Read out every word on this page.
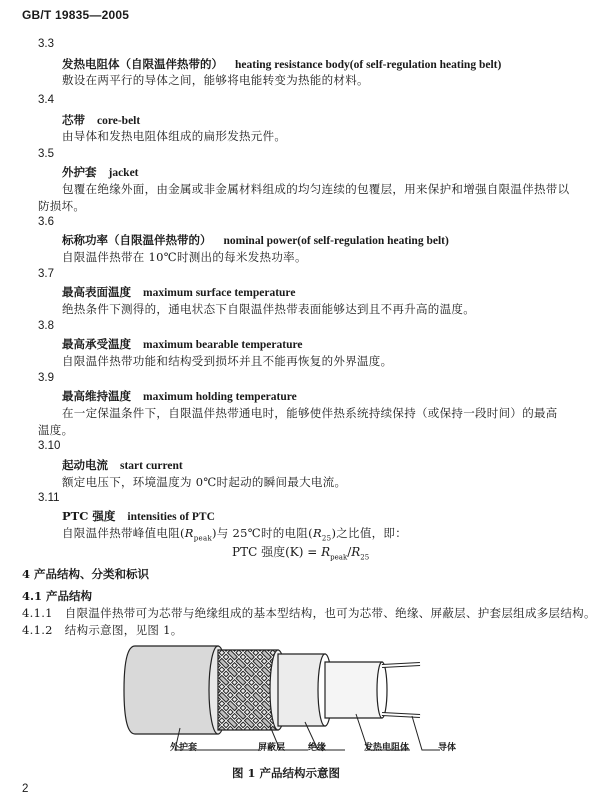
GB/T 19835—2005
3.3
发热电阻体（自限温伴热带的） heating resistance body(of self-regulation heating belt)
敷设在两平行的导体之间，能够将电能转变为热能的材料。
3.4
芯带 core-belt
由导体和发热电阻体组成的扁形发热元件。
3.5
外护套 jacket
包覆在绝缘外面，由金属或非金属材料组成的均匀连续的包覆层，用来保护和增强自限温伴热带以
防损坏。
3.6
标称功率（自限温伴热带的） nominal power(of self-regulation heating belt)
自限温伴热带在 10℃时测出的每米发热功率。
3.7
最高表面温度 maximum surface temperature
绝热条件下测得的，通电状态下自限温伴热带表面能够达到且不再升高的温度。
3.8
最高承受温度 maximum bearable temperature
自限温伴热带功能和结构受到损坏并且不能再恢复的外界温度。
3.9
最高维持温度 maximum holding temperature
在一定保温条件下，自限温伴热带通电时，能够使伴热系统持续保持（或保持一段时间）的最高
温度。
3.10
起动电流 start current
额定电压下，环境温度为 0℃时起动的瞬间最大电流。
3.11
PTC 强度 intensities of PTC
自限温伴热带峰值电阻$(R_{peak})$与 25℃时的电阻$(R_{25})$之比值，即：
PTC 强度$(K) = R_{peak}/R_{25}$
4 产品结构、分类和标识
4.1 产品结构
4.1.1 自限温伴热带可为芯带与绝缘组成的基本型结构，也可为芯带、绝缘、屏蔽层、护套层组成多层结构。
4.1.2 结构示意图，见图 1。
外护套	屏蔽层	绝缘	发热电阻体	导体
图 1 产品结构示意图
2
